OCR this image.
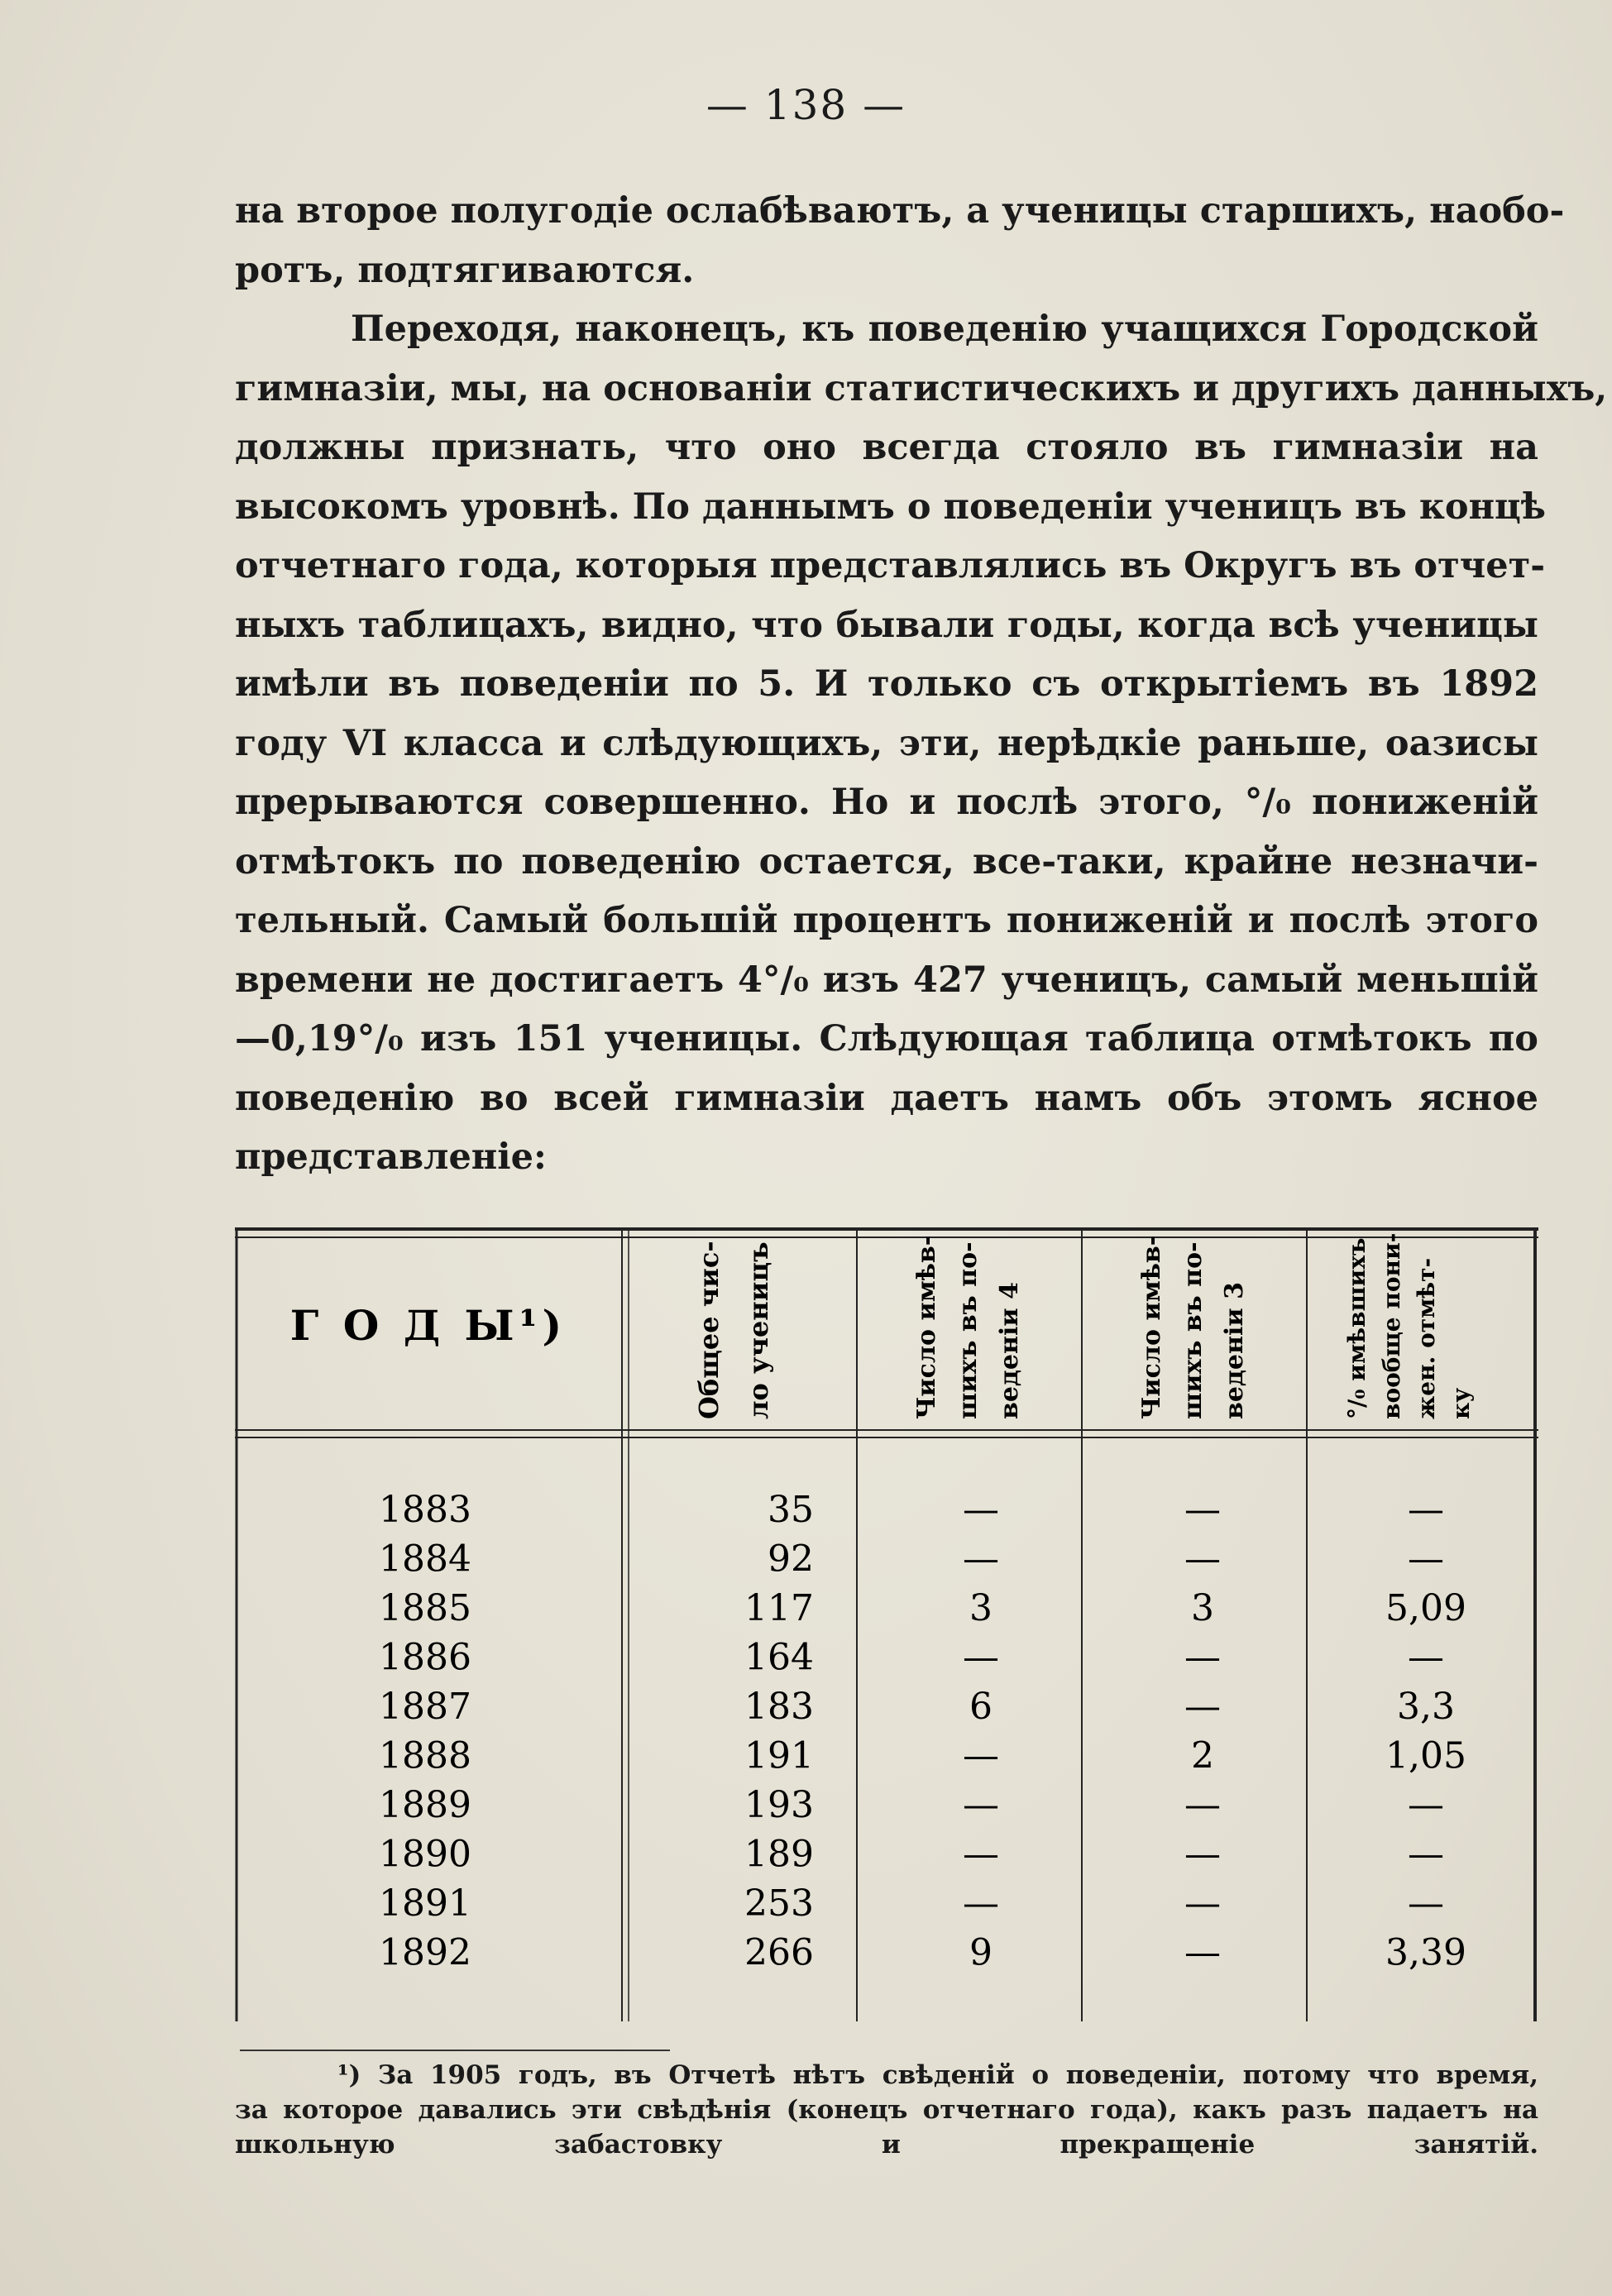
— 138 —

на второе полугодіе ослабѣваютъ, а ученицы старшихъ, наобо-
ротъ, подтягиваются.

Переходя, наконецъ, къ поведенію учащихся Городской
гимназіи, мы, на основаніи статистическихъ и другихъ данныхъ,
должны признать, что оно всегда стояло въ гимназіи на
высокомъ уровнѣ. По даннымъ о поведеніи ученицъ въ концѣ
отчетнаго года, которыя представлялись въ Округъ въ отчет-
ныхъ таблицахъ, видно, что бывали годы, когда всѣ ученицы
имѣли въ поведеніи по 5. И только съ открытіемъ въ 1892
году VI класса и слѣдующихъ, эти, нерѣдкіе раньше, оазисы
прерываются совершенно. Но и послѣ этого, °/₀ пониженій
отмѣтокъ по поведенію остается, все-таки, крайне незначи-
тельный. Самый большій процентъ пониженій и послѣ этого
времени не достигаетъ 4°/₀ изъ 427 ученицъ, самый меньшій
—0,19°/₀ изъ 151 ученицы. Слѣдующая таблица отмѣтокъ по
поведенію во всей гимназіи даетъ намъ объ этомъ ясное
представленіе:

Г О Д Ы¹)	Общее чис- ло ученицъ	Число имѣв- шихъ въ по- веденіи 4	Число имѣв- шихъ въ по- веденіи 3	°/₀ имѣвшихъ вообще пони- жен. отмѣт- ку
1883	35	—	—	—
1884	92	—	—	—
1885	117	3	3	5,09
1886	164	—	—	—
1887	183	6	—	3,3
1888	191	—	2	1,05
1889	193	—	—	—
1890	189	—	—	—
1891	253	—	—	—
1892	266	9	—	3,39
¹) За 1905 годъ, въ Отчетѣ нѣтъ свѣденій о поведеніи, потому что время,
за которое давались эти свѣдѣнія (конецъ отчетнаго года), какъ разъ падаетъ на
школьную забастовку и прекращеніе занятій.
